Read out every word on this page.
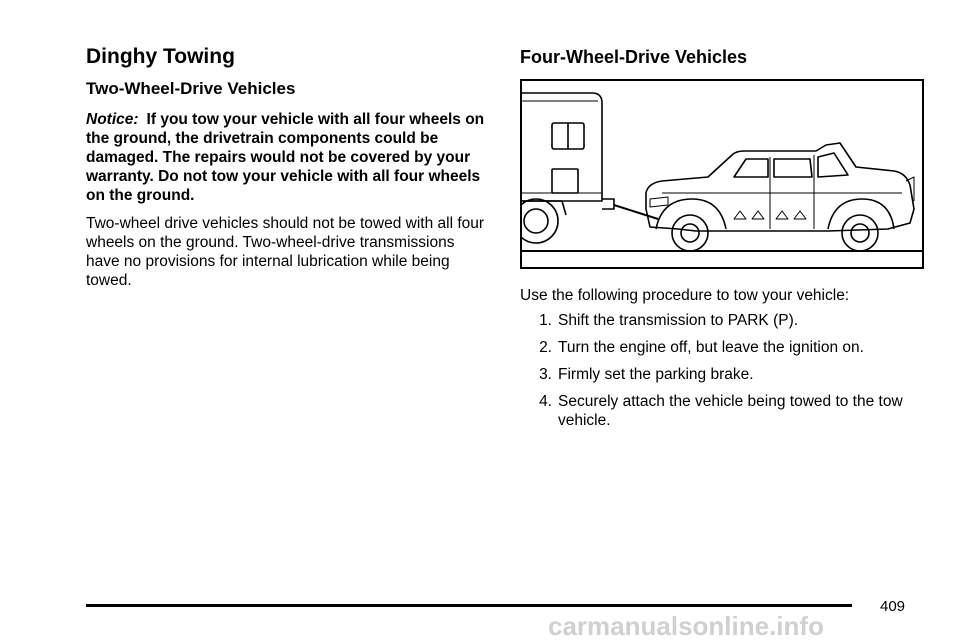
Dinghy Towing
Two-Wheel-Drive Vehicles

Notice: If you tow your vehicle with all four wheels on the ground, the drivetrain components could be damaged. The repairs would not be covered by your warranty. Do not tow your vehicle with all four wheels on the ground.

Two-wheel drive vehicles should not be towed with all four wheels on the ground. Two-wheel-drive transmissions have no provisions for internal lubrication while being towed.

Four-Wheel-Drive Vehicles

Use the following procedure to tow your vehicle:

1. Shift the transmission to PARK (P).
2. Turn the engine off, but leave the ignition on.
3. Firmly set the parking brake.
4. Securely attach the vehicle being towed to the tow vehicle.
409
carmanualsonline.info
